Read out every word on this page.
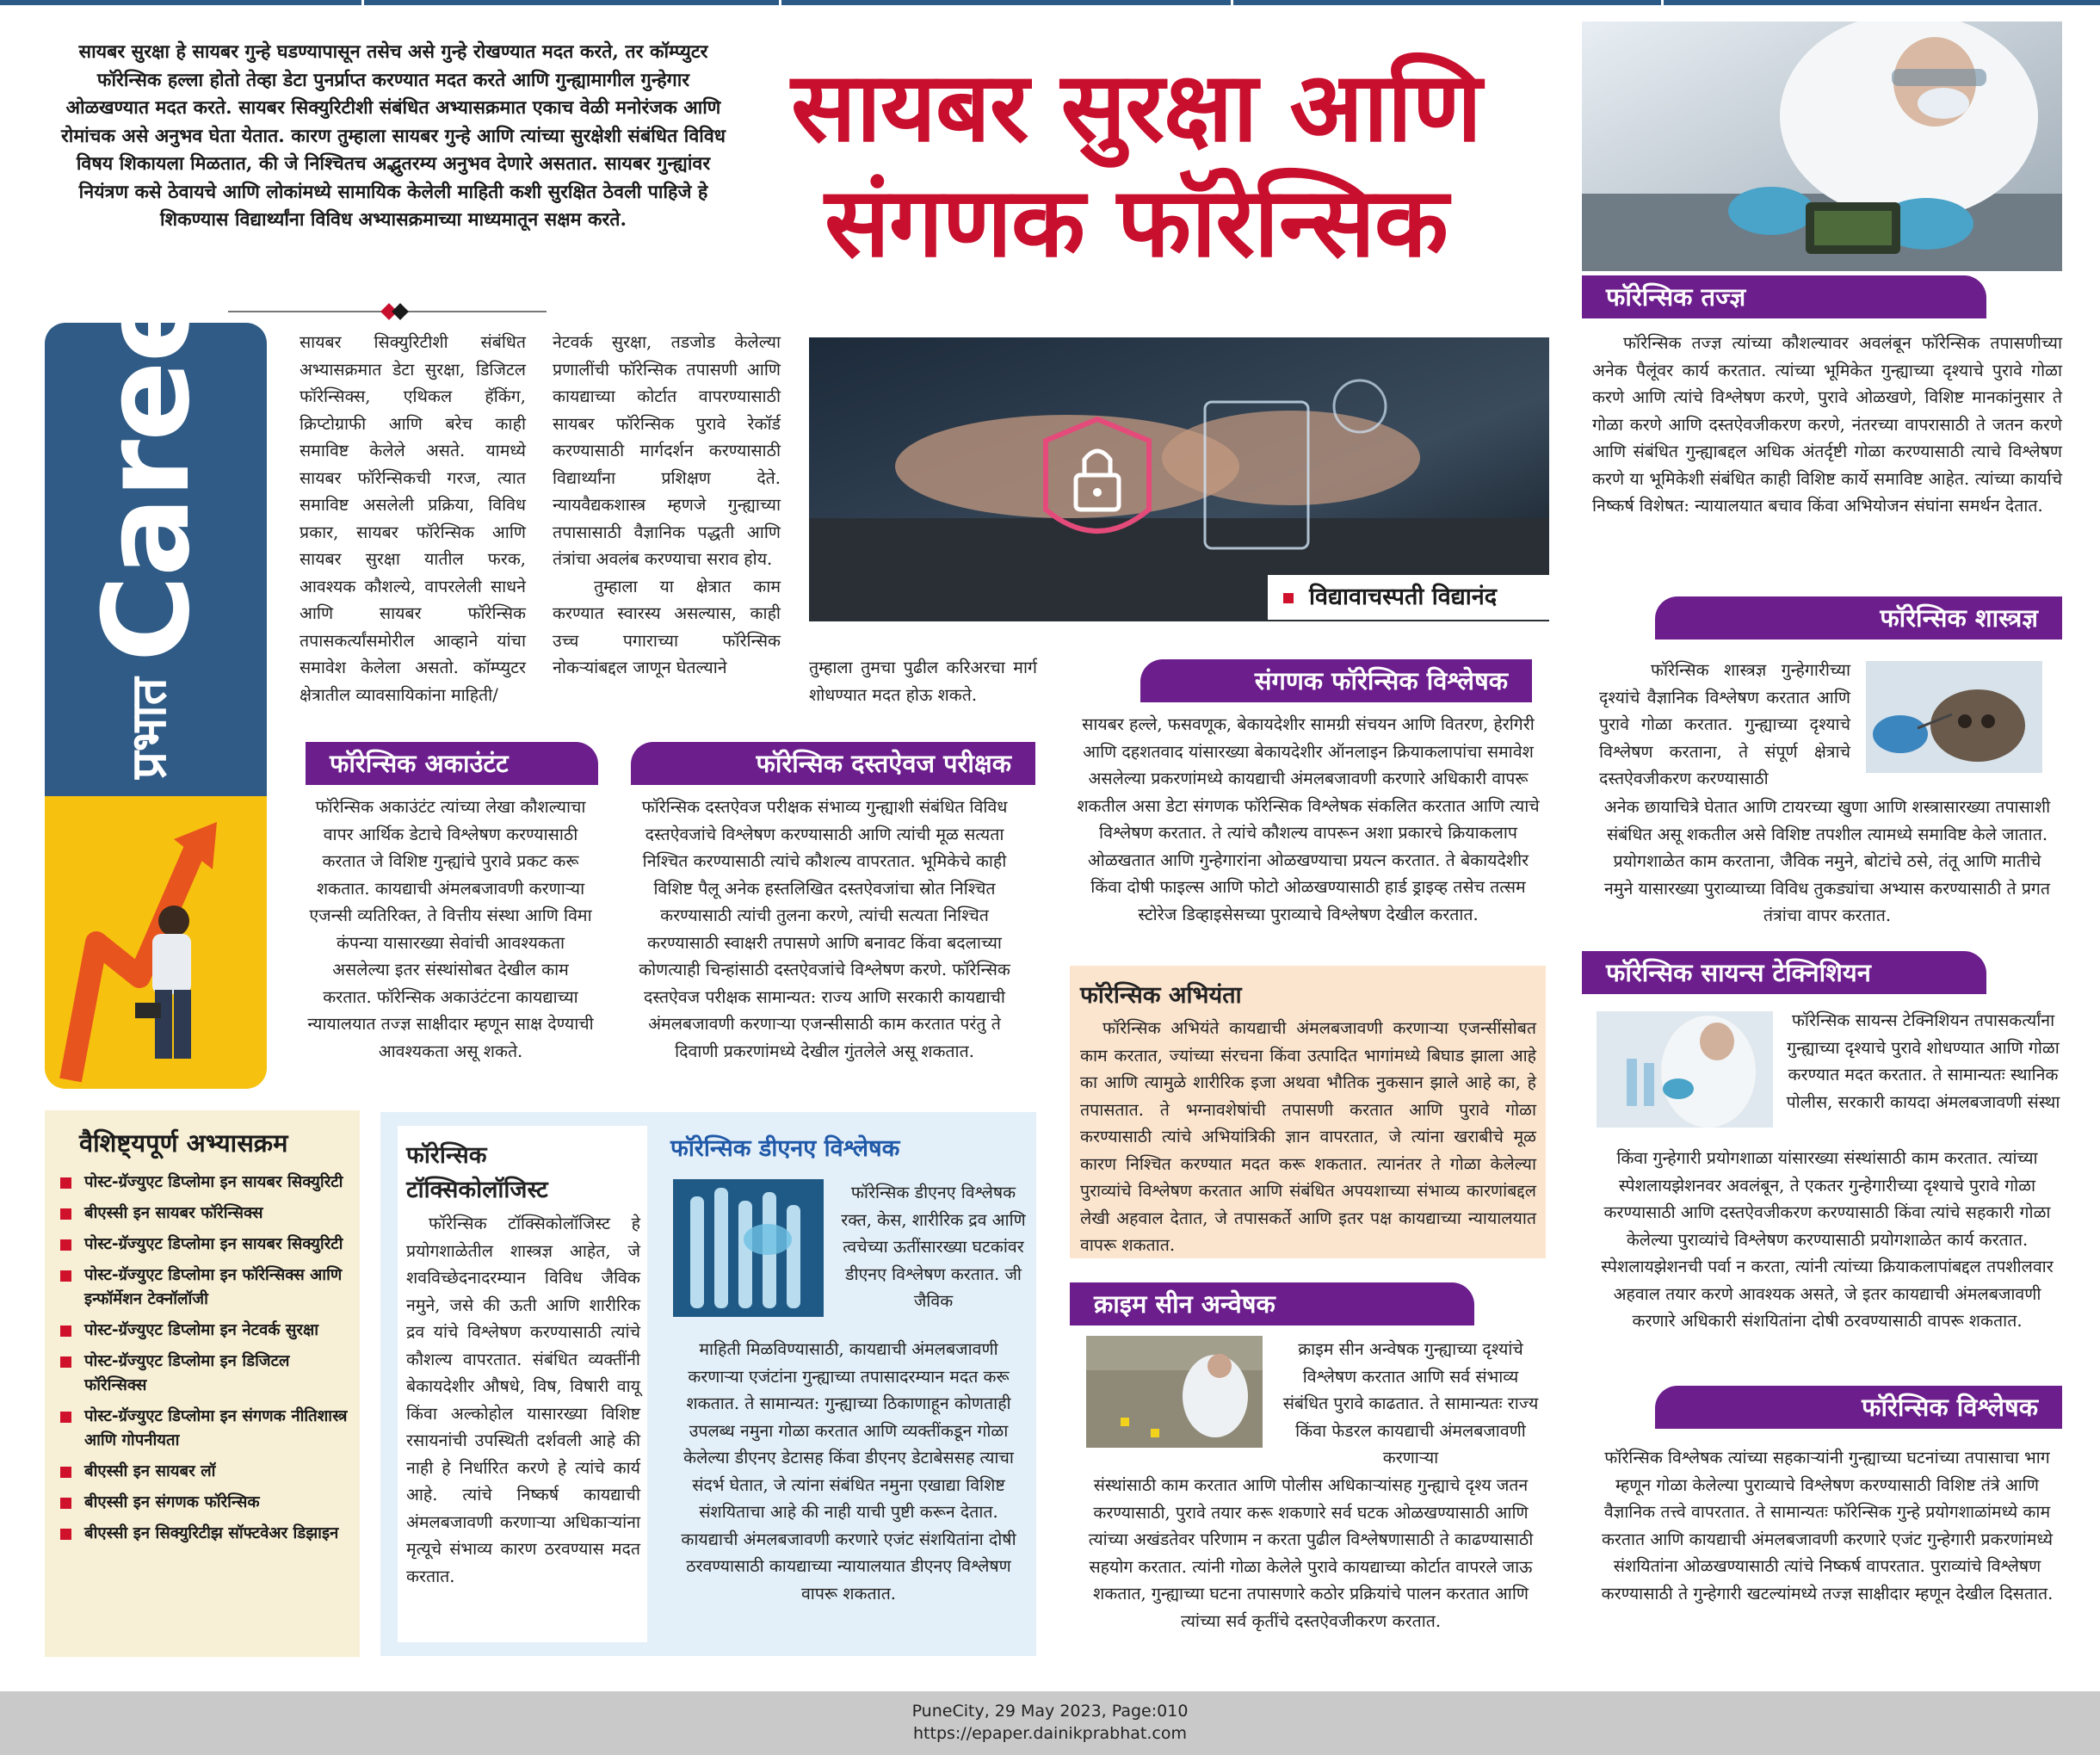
सायबर सुरक्षा हे सायबर गुन्हे घडण्यापासून तसेच असे गुन्हे रोखण्यात मदत करते, तर कॉम्प्युटर फॉरेन्सिक हल्ला होतो तेव्हा डेटा पुनर्प्राप्त करण्यात मदत करते आणि गुन्ह्यामागील गुन्हेगार ओळखण्यात मदत करते. सायबर सिक्युरिटीशी संबंधित अभ्यासक्रमात एकाच वेळी मनोरंजक आणि रोमांचक असे अनुभव घेता येतात. कारण तुम्हाला सायबर गुन्हे आणि त्यांच्या सुरक्षेशी संबंधित विविध विषय शिकायला मिळतात, की जे निश्चितच अद्भुतरम्य अनुभव देणारे असतात. सायबर गुन्ह्यांवर नियंत्रण कसे ठेवायचे आणि लोकांमध्ये सामायिक केलेली माहिती कशी सुरक्षित ठेवली पाहिजे हे शिकण्यास विद्यार्थ्यांना विविध अभ्यासक्रमाच्या माध्यमातून सक्षम करते.

सायबर सुरक्षा आणि

संगणक फॉरेन्सिक

प्रभातCareer	सायबर सिक्युरिटीशी संबंधित अभ्यासक्रमात डेटा सुरक्षा, डिजिटल फॉरेन्सिक्स, एथिकल हॅकिंग, क्रिप्टोग्राफी आणि बरेच काही समाविष्ट केलेले असते. यामध्ये सायबर फॉरेन्सिकची गरज, त्यात समाविष्ट असलेली प्रक्रिया, विविध प्रकार, सायबर फॉरेन्सिक आणि सायबर सुरक्षा यातील फरक, आवश्यक कौशल्ये, वापरलेली साधने आणि सायबर फॉरेन्सिक तपासकर्त्यांसमोरील आव्हाने यांचा समावेश केलेला असतो. कॉम्प्युटर क्षेत्रातील व्यावसायिकांना माहिती/

नेटवर्क सुरक्षा, तडजोड केलेल्या प्रणालींची फॉरेन्सिक तपासणी आणि कायद्याच्या कोर्टात वापरण्यासाठी सायबर फॉरेन्सिक पुरावे रेकॉर्ड करण्यासाठी मार्गदर्शन करण्यासाठी विद्यार्थ्यांना प्रशिक्षण देते. न्यायवैद्यकशास्त्र म्हणजे गुन्ह्याच्या तपासासाठी वैज्ञानिक पद्धती आणि तंत्रांचा अवलंब करण्याचा सराव होय.

तुम्हाला या क्षेत्रात काम करण्यात स्वारस्य असल्यास, काही उच्च पगाराच्या फॉरेन्सिक नोकऱ्यांबद्दल जाणून घेतल्याने	तुम्हाला तुमचा पुढील करिअरचा मार्ग शोधण्यात मदत होऊ शकते.

विद्यावाचस्पती विद्यानंद
फॉरेन्सिक तज्ज्ञ

फॉरेन्सिक तज्ज्ञ त्यांच्या कौशल्यावर अवलंबून फॉरेन्सिक तपासणीच्या अनेक पैलूंवर कार्य करतात. त्यांच्या भूमिकेत गुन्ह्याच्या दृश्याचे पुरावे गोळा करणे आणि त्यांचे विश्लेषण करणे, पुरावे ओळखणे, विशिष्ट मानकांनुसार ते गोळा करणे आणि दस्तऐवजीकरण करणे, नंतरच्या वापरासाठी ते जतन करणे आणि संबंधित गुन्ह्याबद्दल अधिक अंतर्दृष्टी गोळा करण्यासाठी त्याचे विश्लेषण करणे या भूमिकेशी संबंधित काही विशिष्ट कार्ये समाविष्ट आहेत. त्यांच्या कार्याचे निष्कर्ष विशेषत: न्यायालयात बचाव किंवा अभियोजन संघांना समर्थन देतात.

फॉरेन्सिक शास्त्रज्ञ

फॉरेन्सिक शास्त्रज्ञ गुन्हेगारीच्या दृश्यांचे वैज्ञानिक विश्लेषण करतात आणि पुरावे गोळा करतात. गुन्ह्याच्या दृश्याचे विश्लेषण करताना, ते संपूर्ण क्षेत्राचे दस्तऐवजीकरण करण्यासाठी

अनेक छायाचित्रे घेतात आणि टायरच्या खुणा आणि शस्त्रासारख्या तपासाशी संबंधित असू शकतील असे विशिष्ट तपशील त्यामध्ये समाविष्ट केले जातात. प्रयोगशाळेत काम करताना, जैविक नमुने, बोटांचे ठसे, तंतू आणि मातीचे नमुने यासारख्या पुराव्याच्या विविध तुकड्यांचा अभ्यास करण्यासाठी ते प्रगत तंत्रांचा वापर करतात.

संगणक फॉरेन्सिक विश्लेषक

सायबर हल्ले, फसवणूक, बेकायदेशीर सामग्री संचयन आणि वितरण, हेरगिरी आणि दहशतवाद यांसारख्या बेकायदेशीर ऑनलाइन क्रियाकलापांचा समावेश असलेल्या प्रकरणांमध्ये कायद्याची अंमलबजावणी करणारे अधिकारी वापरू शकतील असा डेटा संगणक फॉरेन्सिक विश्लेषक संकलित करतात आणि त्याचे विश्लेषण करतात. ते त्यांचे कौशल्य वापरून अशा प्रकारचे क्रियाकलाप ओळखतात आणि गुन्हेगारांना ओळखण्याचा प्रयत्न करतात. ते बेकायदेशीर किंवा दोषी फाइल्स आणि फोटो ओळखण्यासाठी हार्ड ड्राइव्ह तसेच तत्सम स्टोरेज डिव्हाइसेसच्या पुराव्याचे विश्लेषण देखील करतात.

फॉरेन्सिक अकाउंटंट

फॉरेन्सिक अकाउंटंट त्यांच्या लेखा कौशल्याचा वापर आर्थिक डेटाचे विश्लेषण करण्यासाठी करतात जे विशिष्ट गुन्ह्यांचे पुरावे प्रकट करू शकतात. कायद्याची अंमलबजावणी करणाऱ्या एजन्सी व्यतिरिक्त, ते वित्तीय संस्था आणि विमा कंपन्या यासारख्या सेवांची आवश्यकता असलेल्या इतर संस्थांसोबत देखील काम करतात. फॉरेन्सिक अकाउंटंटना कायद्याच्या न्यायालयात तज्ज्ञ साक्षीदार म्हणून साक्ष देण्याची आवश्यकता असू शकते.

फॉरेन्सिक दस्तऐवज परीक्षक

फॉरेन्सिक दस्तऐवज परीक्षक संभाव्य गुन्ह्याशी संबंधित विविध दस्तऐवजांचे विश्लेषण करण्यासाठी आणि त्यांची मूळ सत्यता निश्चित करण्यासाठी त्यांचे कौशल्य वापरतात. भूमिकेचे काही विशिष्ट पैलू अनेक हस्तलिखित दस्तऐवजांचा स्रोत निश्चित करण्यासाठी त्यांची तुलना करणे, त्यांची सत्यता निश्चित करण्यासाठी स्वाक्षरी तपासणे आणि बनावट किंवा बदलाच्या कोणत्याही चिन्हांसाठी दस्तऐवजांचे विश्लेषण करणे. फॉरेन्सिक दस्तऐवज परीक्षक सामान्यत: राज्य आणि सरकारी कायद्याची अंमलबजावणी करणाऱ्या एजन्सीसाठी काम करतात परंतु ते दिवाणी प्रकरणांमध्ये देखील गुंतलेले असू शकतात.

फॉरेन्सिक अभियंता

फॉरेन्सिक अभियंते कायद्याची अंमलबजावणी करणाऱ्या एजन्सींसोबत काम करतात, ज्यांच्या संरचना किंवा उत्पादित भागांमध्ये बिघाड झाला आहे का आणि त्यामुळे शारीरिक इजा अथवा भौतिक नुकसान झाले आहे का, हे तपासतात. ते भग्नावशेषांची तपासणी करतात आणि पुरावे गोळा करण्यासाठी त्यांचे अभियांत्रिकी ज्ञान वापरतात, जे त्यांना खराबीचे मूळ कारण निश्चित करण्यात मदत करू शकतात. त्यानंतर ते गोळा केलेल्या पुराव्यांचे विश्लेषण करतात आणि संबंधित अपयशाच्या संभाव्य कारणांबद्दल लेखी अहवाल देतात, जे तपासकर्ते आणि इतर पक्ष कायद्याच्या न्यायालयात वापरू शकतात.

फॉरेन्सिक सायन्स टेक्निशियन

फॉरेन्सिक सायन्स टेक्निशियन तपासकर्त्यांना गुन्ह्याच्या दृश्याचे पुरावे शोधण्यात आणि गोळा करण्यात मदत करतात. ते सामान्यतः स्थानिक पोलीस, सरकारी कायदा अंमलबजावणी संस्था

किंवा गुन्हेगारी प्रयोगशाळा यांसारख्या संस्थांसाठी काम करतात. त्यांच्या स्पेशलायझेशनवर अवलंबून, ते एकतर गुन्हेगारीच्या दृश्याचे पुरावे गोळा करण्यासाठी आणि दस्तऐवजीकरण करण्यासाठी किंवा त्यांचे सहकारी गोळा केलेल्या पुराव्यांचे विश्लेषण करण्यासाठी प्रयोगशाळेत कार्य करतात. स्पेशलायझेशनची पर्वा न करता, त्यांनी त्यांच्या क्रियाकलापांबद्दल तपशीलवार अहवाल तयार करणे आवश्यक असते, जे इतर कायद्याची अंमलबजावणी करणारे अधिकारी संशयितांना दोषी ठरवण्यासाठी वापरू शकतात.

क्राइम सीन अन्वेषक

क्राइम सीन अन्वेषक गुन्ह्याच्या दृश्यांचे विश्लेषण करतात आणि सर्व संभाव्य संबंधित पुरावे काढतात. ते सामान्यतः राज्य किंवा फेडरल कायद्याची अंमलबजावणी करणाऱ्या

संस्थांसाठी काम करतात आणि पोलीस अधिकाऱ्यांसह गुन्ह्याचे दृश्य जतन करण्यासाठी, पुरावे तयार करू शकणारे सर्व घटक ओळखण्यासाठी आणि त्यांच्या अखंडतेवर परिणाम न करता पुढील विश्लेषणासाठी ते काढण्यासाठी सहयोग करतात. त्यांनी गोळा केलेले पुरावे कायद्याच्या कोर्टात वापरले जाऊ शकतात, गुन्ह्याच्या घटना तपासणारे कठोर प्रक्रियांचे पालन करतात आणि त्यांच्या सर्व कृतींचे दस्तऐवजीकरण करतात.

फॉरेन्सिक विश्लेषक

फॉरेन्सिक विश्लेषक त्यांच्या सहकाऱ्यांनी गुन्ह्याच्या घटनांच्या तपासाचा भाग म्हणून गोळा केलेल्या पुराव्याचे विश्लेषण करण्यासाठी विशिष्ट तंत्रे आणि वैज्ञानिक तत्त्वे वापरतात. ते सामान्यतः फॉरेन्सिक गुन्हे प्रयोगशाळांमध्ये काम करतात आणि कायद्याची अंमलबजावणी करणारे एजंट गुन्हेगारी प्रकरणांमध्ये संशयितांना ओळखण्यासाठी त्यांचे निष्कर्ष वापरतात. पुराव्यांचे विश्लेषण करण्यासाठी ते गुन्हेगारी खटल्यांमध्ये तज्ज्ञ साक्षीदार म्हणून देखील दिसतात.

वैशिष्ट्यपूर्ण अभ्यासक्रम

पोस्ट-ग्रॅज्युएट डिप्लोमा इन सायबर सिक्युरिटी
बीएस्सी इन सायबर फॉरेन्सिक्स
पोस्ट-ग्रॅज्युएट डिप्लोमा इन सायबर सिक्युरिटी
पोस्ट-ग्रॅज्युएट डिप्लोमा इन फॉरेन्सिक्स आणि इन्फॉर्मेशन टेक्नॉलॉजी
पोस्ट-ग्रॅज्युएट डिप्लोमा इन नेटवर्क सुरक्षा
पोस्ट-ग्रॅज्युएट डिप्लोमा इन डिजिटल फॉरेन्सिक्स
पोस्ट-ग्रॅज्युएट डिप्लोमा इन संगणक नीतिशास्त्र आणि गोपनीयता
बीएस्सी इन सायबर लॉ
बीएस्सी इन संगणक फॉरेन्सिक
बीएस्सी इन सिक्युरिटीझ सॉफ्टवेअर डिझाइन

फॉरेन्सिक

टॉक्सिकोलॉजिस्ट

फॉरेन्सिक टॉक्सिकोलॉजिस्ट हे प्रयोगशाळेतील शास्त्रज्ञ आहेत, जे शवविच्छेदनादरम्यान विविध जैविक नमुने, जसे की ऊती आणि शारीरिक द्रव यांचे विश्लेषण करण्यासाठी त्यांचे कौशल्य वापरतात. संबंधित व्यक्तींनी बेकायदेशीर औषधे, विष, विषारी वायू किंवा अल्कोहोल यासारख्या विशिष्ट रसायनांची उपस्थिती दर्शवली आहे की नाही हे निर्धारित करणे हे त्यांचे कार्य आहे. त्यांचे निष्कर्ष कायद्याची अंमलबजावणी करणाऱ्या अधिकाऱ्यांना मृत्यूचे संभाव्य कारण ठरवण्यास मदत करतात.

फॉरेन्सिक डीएनए विश्लेषक

फॉरेन्सिक डीएनए विश्लेषक रक्त, केस, शारीरिक द्रव आणि त्वचेच्या ऊतींसारख्या घटकांवर डीएनए विश्लेषण करतात. जी जैविक

माहिती मिळविण्यासाठी, कायद्याची अंमलबजावणी करणाऱ्या एजंटांना गुन्ह्याच्या तपासादरम्यान मदत करू शकतात. ते सामान्यत: गुन्ह्याच्या ठिकाणाहून कोणताही उपलब्ध नमुना गोळा करतात आणि व्यक्तींकडून गोळा केलेल्या डीएनए डेटासह किंवा डीएनए डेटाबेससह त्याचा संदर्भ घेतात, जे त्यांना संबंधित नमुना एखाद्या विशिष्ट संशयिताचा आहे की नाही याची पुष्टी करून देतात. कायद्याची अंमलबजावणी करणारे एजंट संशयितांना दोषी ठरवण्यासाठी कायद्याच्या न्यायालयात डीएनए विश्लेषण वापरू शकतात.

PuneCity, 29 May 2023, Page:010

https://epaper.dainikprabhat.com
